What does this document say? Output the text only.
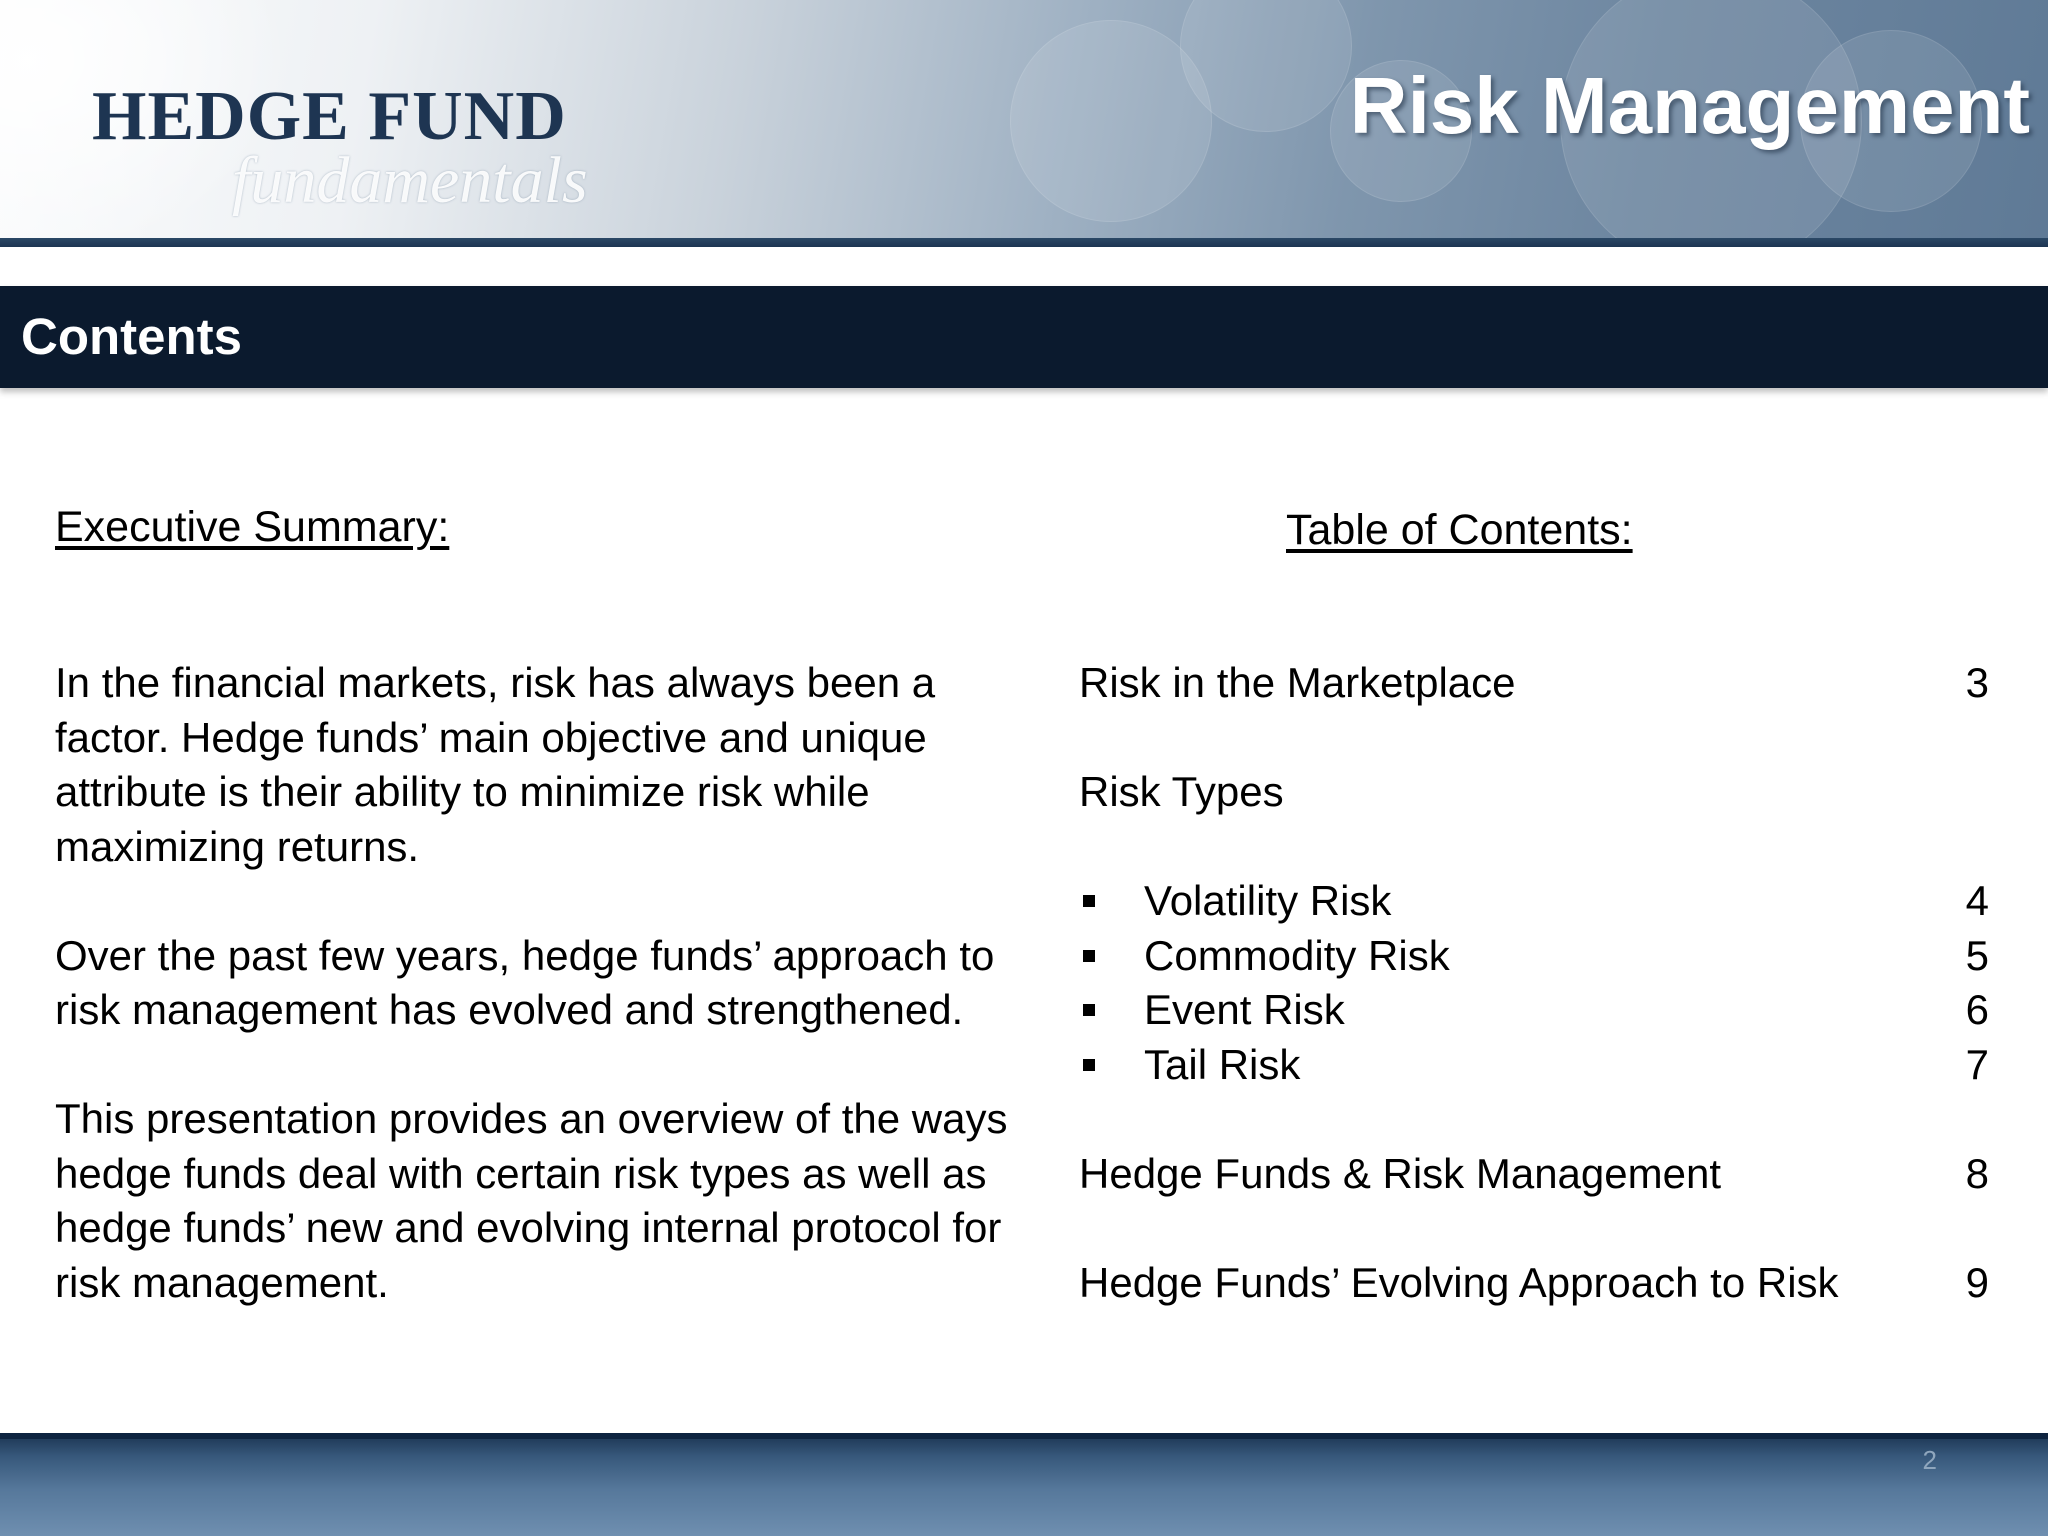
HEDGE FUND
fundamentals
Risk Management
Contents
Executive Summary:

In the financial markets, risk has always been a factor. Hedge funds’ main objective and unique attribute is their ability to minimize risk while maximizing returns.

Over the past few years, hedge funds’ approach to risk management has evolved and strengthened.

This presentation provides an overview of the ways hedge funds deal with certain risk types as well as hedge funds’ new and evolving internal protocol for risk management.

Table of Contents:
Risk in the Marketplace	3
Risk Types
Volatility Risk	4
Commodity Risk	5
Event Risk	6
Tail Risk	7
Hedge Funds & Risk Management	8
Hedge Funds’ Evolving Approach to Risk	9
2
